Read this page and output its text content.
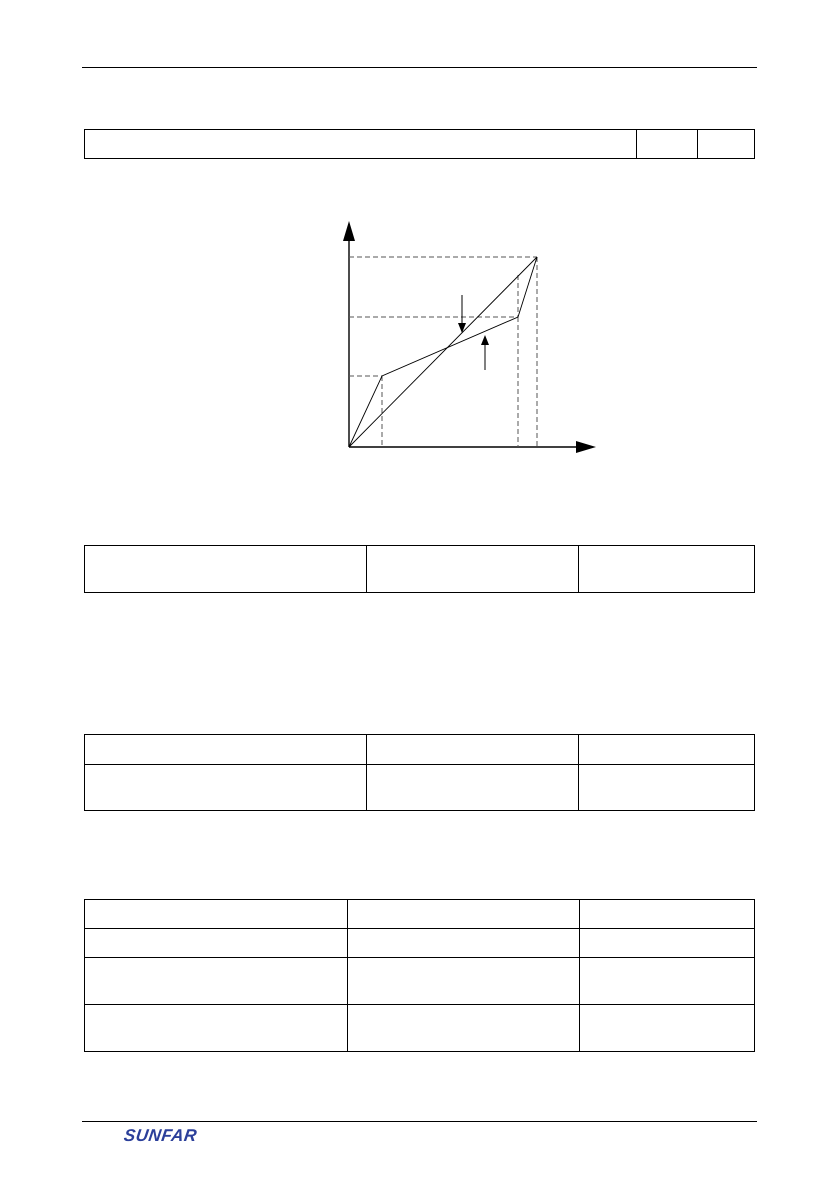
SUNFAR
